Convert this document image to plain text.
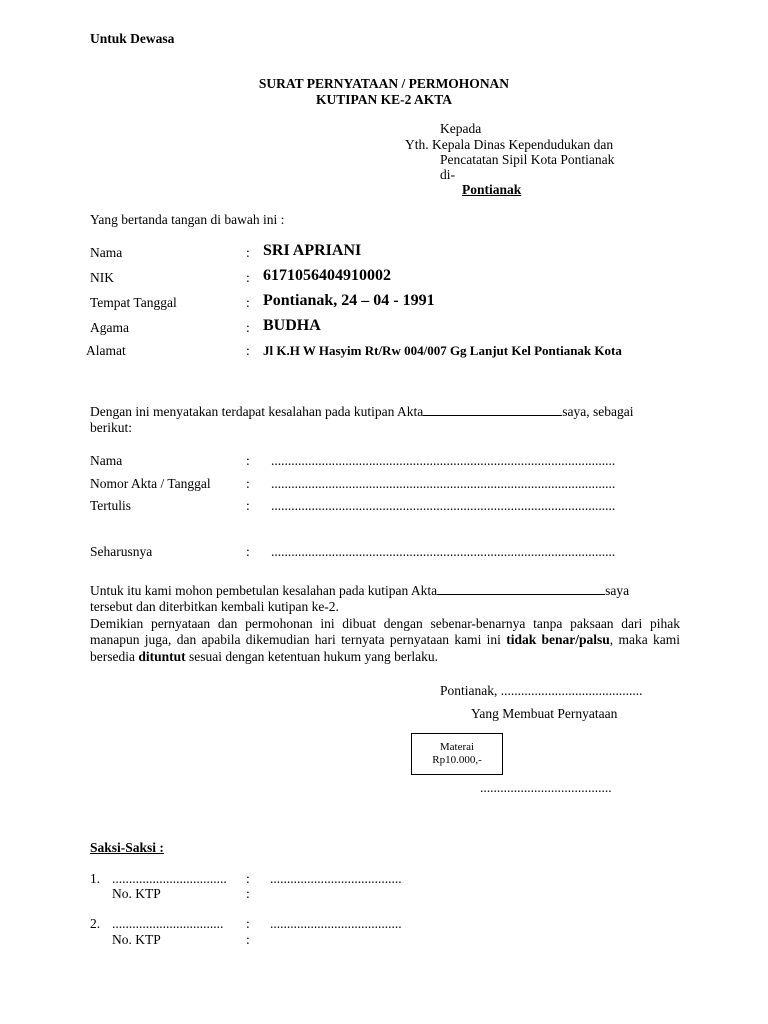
Untuk Dewasa
SURAT PERNYATAAN / PERMOHONAN
KUTIPAN KE-2 AKTA
Kepada
Yth. Kepala Dinas Kependudukan dan
Pencatatan Sipil Kota Pontianak
di-
Pontianak
Yang bertanda tangan di bawah ini :
Nama	: SRI APRIANI
NIK	: 6171056404910002
Tempat Tanggal	: Pontianak, 24 – 04 - 1991
Agama	: BUDHA
Alamat	: Jl K.H W Hasyim Rt/Rw 004/007 Gg Lanjut Kel Pontianak Kota
Dengan ini menyatakan terdapat kesalahan pada kutipan Akta	saya, sebagai
berikut:
Nama	: ......................................................................................................
Nomor Akta / Tanggal	: ......................................................................................................
Tertulis	: ......................................................................................................
Seharusnya	: ......................................................................................................
Untuk itu kami mohon pembetulan kesalahan pada kutipan Akta	saya
tersebut dan diterbitkan kembali kutipan ke-2.
Demikian pernyataan dan permohonan ini dibuat dengan sebenar-benarnya tanpa paksaan dari pihak manapun juga, dan apabila dikemudian hari ternyata pernyataan kami ini tidak benar/palsu, maka kami bersedia dituntut sesuai dengan ketentuan hukum yang berlaku.
Pontianak, ..........................................
Yang Membuat Pernyataan
Materai
Rp10.000,-
.......................................
Saksi-Saksi :
1. .................................. : .......................................
No. KTP	:
2. ................................. : .......................................
No. KTP	:
